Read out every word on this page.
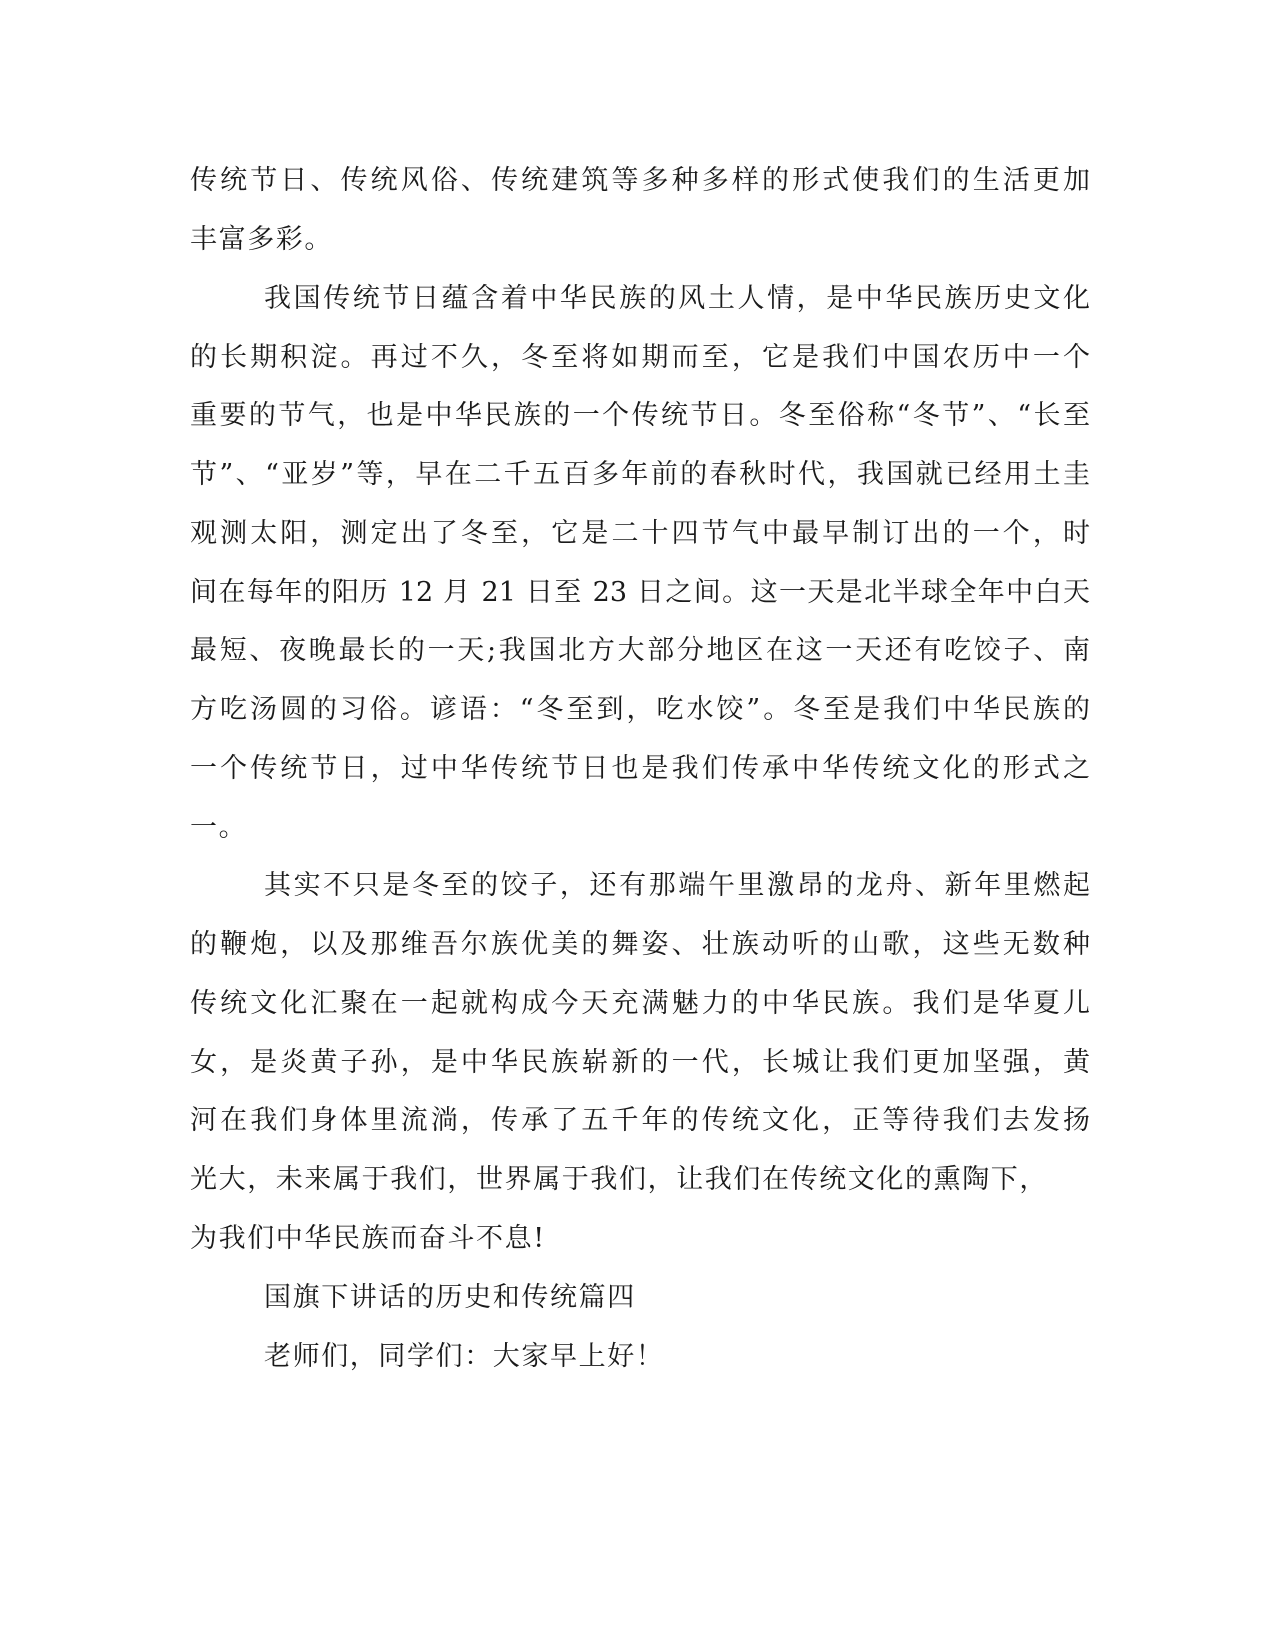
传统节日、传统风俗、传统建筑等多种多样的形式使我们的生活更加
丰富多彩。
我国传统节日蕴含着中华民族的风土人情，是中华民族历史文化
的长期积淀。再过不久，冬至将如期而至，它是我们中国农历中一个
重要的节气，也是中华民族的一个传统节日。冬至俗称“冬节”、“长至
节”、“亚岁”等，早在二千五百多年前的春秋时代，我国就已经用土圭
观测太阳，测定出了冬至，它是二十四节气中最早制订出的一个，时
间在每年的阳历 12 月 21 日至 23 日之间。这一天是北半球全年中白天
最短、夜晚最长的一天;我国北方大部分地区在这一天还有吃饺子、南
方吃汤圆的习俗。谚语：“冬至到，吃水饺”。冬至是我们中华民族的
一个传统节日，过中华传统节日也是我们传承中华传统文化的形式之
一。
其实不只是冬至的饺子，还有那端午里激昂的龙舟、新年里燃起
的鞭炮，以及那维吾尔族优美的舞姿、壮族动听的山歌，这些无数种
传统文化汇聚在一起就构成今天充满魅力的中华民族。我们是华夏儿
女，是炎黄子孙，是中华民族崭新的一代，长城让我们更加坚强，黄
河在我们身体里流淌，传承了五千年的传统文化，正等待我们去发扬
光大，未来属于我们，世界属于我们，让我们在传统文化的熏陶下，
为我们中华民族而奋斗不息!
国旗下讲话的历史和传统篇四
老师们，同学们：大家早上好！
